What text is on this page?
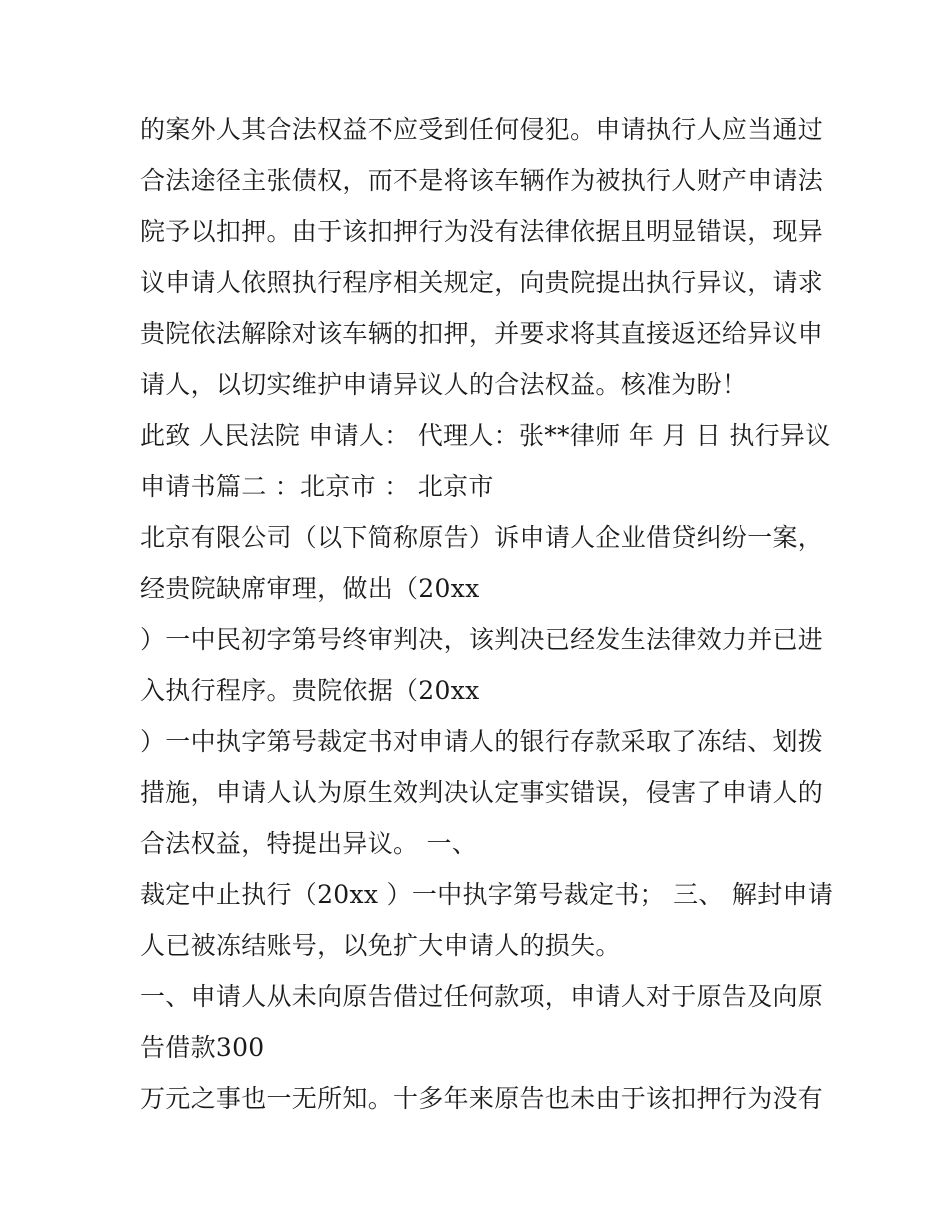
的案外人其合法权益不应受到任何侵犯。申请执行人应当通过
合法途径主张债权，而不是将该车辆作为被执行人财产申请法
院予以扣押。由于该扣押行为没有法律依据且明显错误，现异
议申请人依照执行程序相关规定，向贵院提出执行异议，请求
贵院依法解除对该车辆的扣押，并要求将其直接返还给异议申
请人，以切实维护申请异议人的合法权益。核准为盼！
此致 人民法院 申请人： 代理人：张**律师 年 月 日 执行异议
申请书篇二 ：北京市 ： 北京市
北京有限公司（以下简称原告）诉申请人企业借贷纠纷一案，
经贵院缺席审理，做出（20xx
）一中民初字第号终审判决，该判决已经发生法律效力并已进
入执行程序。贵院依据（20xx
）一中执字第号裁定书对申请人的银行存款采取了冻结、划拨
措施，申请人认为原生效判决认定事实错误，侵害了申请人的
合法权益，特提出异议。 一、
裁定中止执行（20xx ）一中执字第号裁定书； 三、 解封申请
人已被冻结账号，以免扩大申请人的损失。
一、申请人从未向原告借过任何款项，申请人对于原告及向原
告借款300
万元之事也一无所知。十多年来原告也未由于该扣押行为没有
